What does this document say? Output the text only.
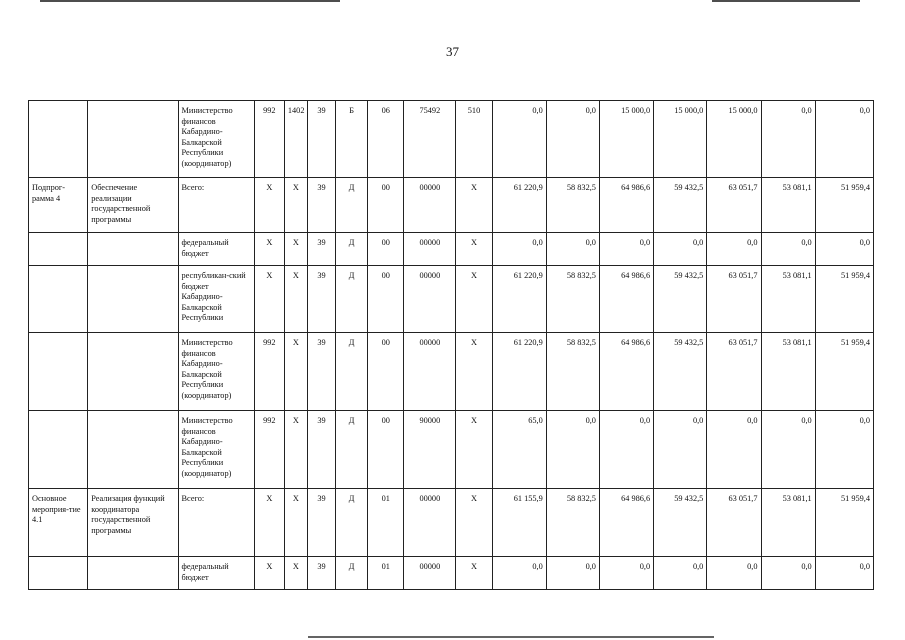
37
		Министерство финансов Кабардино-Балкарской Республики (координатор)	992	1402	39	Б	06	75492	510	0,0	0,0	15 000,0	15 000,0	15 000,0	0,0	0,0
Подпрог-рамма 4	Обеспечение реализации государственной программы	Всего:	X	X	39	Д	00	00000	X	61 220,9	58 832,5	64 986,6	59 432,5	63 051,7	53 081,1	51 959,4
		федеральный бюджет	X	X	39	Д	00	00000	X	0,0	0,0	0,0	0,0	0,0	0,0	0,0
		республикан-ский бюджет Кабардино-Балкарской Республики	X	X	39	Д	00	00000	X	61 220,9	58 832,5	64 986,6	59 432,5	63 051,7	53 081,1	51 959,4
		Министерство финансов Кабардино-Балкарской Республики (координатор)	992	X	39	Д	00	00000	X	61 220,9	58 832,5	64 986,6	59 432,5	63 051,7	53 081,1	51 959,4
		Министерство финансов Кабардино-Балкарской Республики (координатор)	992	X	39	Д	00	90000	X	65,0	0,0	0,0	0,0	0,0	0,0	0,0
Основное мероприя-тие 4.1	Реализация функций координатора государственной программы	Всего:	X	X	39	Д	01	00000	X	61 155,9	58 832,5	64 986,6	59 432,5	63 051,7	53 081,1	51 959,4
		федеральный бюджет	X	X	39	Д	01	00000	X	0,0	0,0	0,0	0,0	0,0	0,0	0,0
